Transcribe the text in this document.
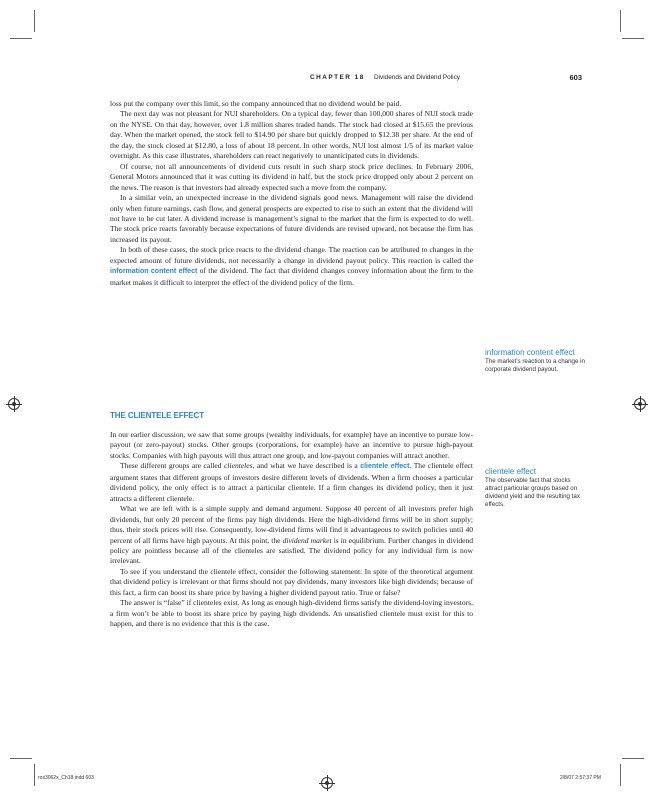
CHAPTER 18 Dividends and Dividend Policy	603

loss put the company over this limit, so the company announced that no dividend would be paid.

The next day was not pleasant for NUI shareholders. On a typical day, fewer than 100,000 shares of NUI stock trade on the NYSE. On that day, however, over 1.8 million shares traded hands. The stock had closed at $15.65 the previous day. When the market opened, the stock fell to $14.90 per share but quickly dropped to $12.38 per share. At the end of the day, the stock closed at $12.80, a loss of about 18 percent. In other words, NUI lost almost 1/5 of its market value overnight. As this case illustrates, shareholders can react negatively to unanticipated cuts in dividends.

Of course, not all announcements of dividend cuts result in such sharp stock price declines. In February 2006, General Motors announced that it was cutting its dividend in half, but the stock price dropped only about 2 percent on the news. The reason is that investors had already expected such a move from the company.

In a similar vein, an unexpected increase in the dividend signals good news. Management will raise the dividend only when future earnings, cash flow, and general prospects are expected to rise to such an extent that the dividend will not have to be cut later. A dividend increase is management’s signal to the market that the firm is expected to do well. The stock price reacts favorably because expectations of future dividends are revised upward, not because the firm has increased its payout.

In both of these cases, the stock price reacts to the dividend change. The reaction can be attributed to changes in the expected amount of future dividends, not necessarily a change in dividend payout policy. This reaction is called the information content effect of the dividend. The fact that dividend changes convey information about the firm to the market makes it difficult to interpret the effect of the dividend policy of the firm.

THE CLIENTELE EFFECT

In our earlier discussion, we saw that some groups (wealthy individuals, for example) have an incentive to pursue low-payout (or zero-payout) stocks. Other groups (corporations, for example) have an incentive to pursue high-payout stocks. Companies with high payouts will thus attract one group, and low-payout companies will attract another.

These different groups are called clienteles, and what we have described is a clientele effect. The clientele effect argument states that different groups of investors desire different levels of dividends. When a firm chooses a particular dividend policy, the only effect is to attract a particular clientele. If a firm changes its dividend policy, then it just attracts a different clientele.

What we are left with is a simple supply and demand argument. Suppose 40 percent of all investors prefer high dividends, but only 20 percent of the firms pay high dividends. Here the high-dividend firms will be in short supply; thus, their stock prices will rise. Consequently, low-dividend firms will find it advantageous to switch policies until 40 percent of all firms have high payouts. At this point, the dividend market is in equilibrium. Further changes in dividend policy are pointless because all of the clienteles are satisfied. The dividend policy for any individual firm is now irrelevant.

To see if you understand the clientele effect, consider the following statement: In spite of the theoretical argument that dividend policy is irrelevant or that firms should not pay dividends, many investors like high dividends; because of this fact, a firm can boost its share price by having a higher dividend payout ratio. True or false?

The answer is “false” if clienteles exist. As long as enough high-dividend firms satisfy the dividend-loving investors, a firm won’t be able to boost its share price by paying high dividends. An unsatisfied clientele must exist for this to happen, and there is no evidence that this is the case.

information content effect
The market’s reaction to a change in corporate dividend payout.
clientele effect
The observable fact that stocks attract particular groups based on dividend yield and the resulting tax effects.
ros3062x_Ch18.indd 603	2/8/07 2:57:37 PM
